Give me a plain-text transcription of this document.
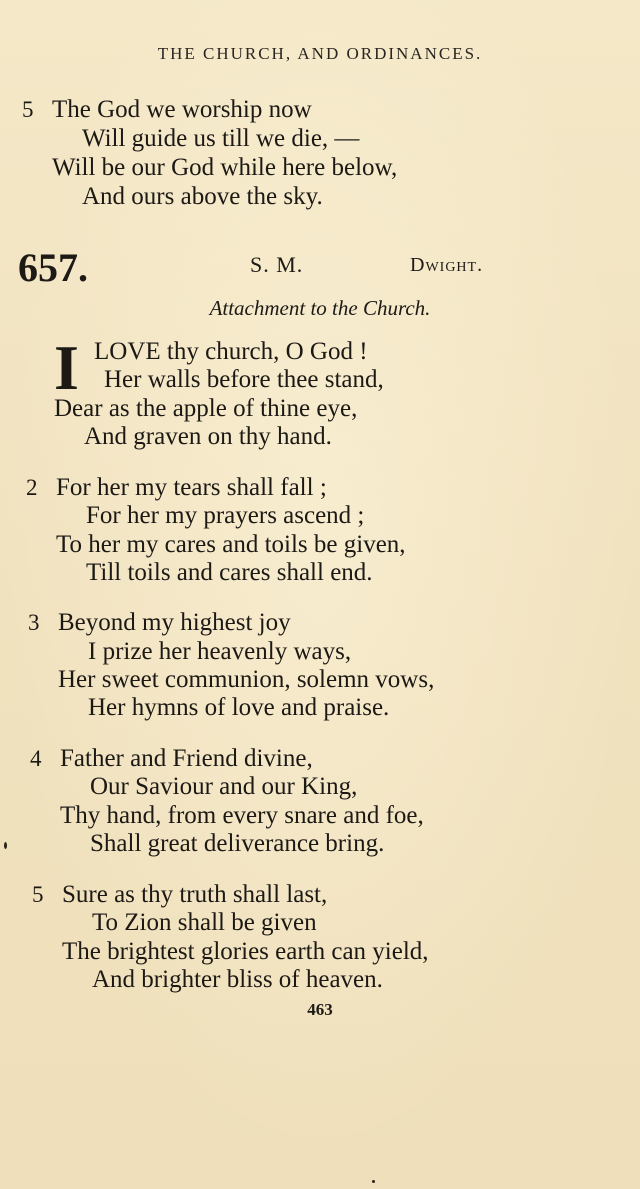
THE CHURCH, AND ORDINANCES.
5 The God we worship now
Will guide us till we die, —
Will be our God while here below,
And ours above the sky.
657.	S. M.	Dwight.
Attachment to the Church.
I LOVE thy church, O God !
Her walls before thee stand,
Dear as the apple of thine eye,
And graven on thy hand.
2 For her my tears shall fall ;
For her my prayers ascend ;
To her my cares and toils be given,
Till toils and cares shall end.
3 Beyond my highest joy
I prize her heavenly ways,
Her sweet communion, solemn vows,
Her hymns of love and praise.
4 Father and Friend divine,
Our Saviour and our King,
Thy hand, from every snare and foe,
Shall great deliverance bring.
5 Sure as thy truth shall last,
To Zion shall be given
The brightest glories earth can yield,
And brighter bliss of heaven.
463
